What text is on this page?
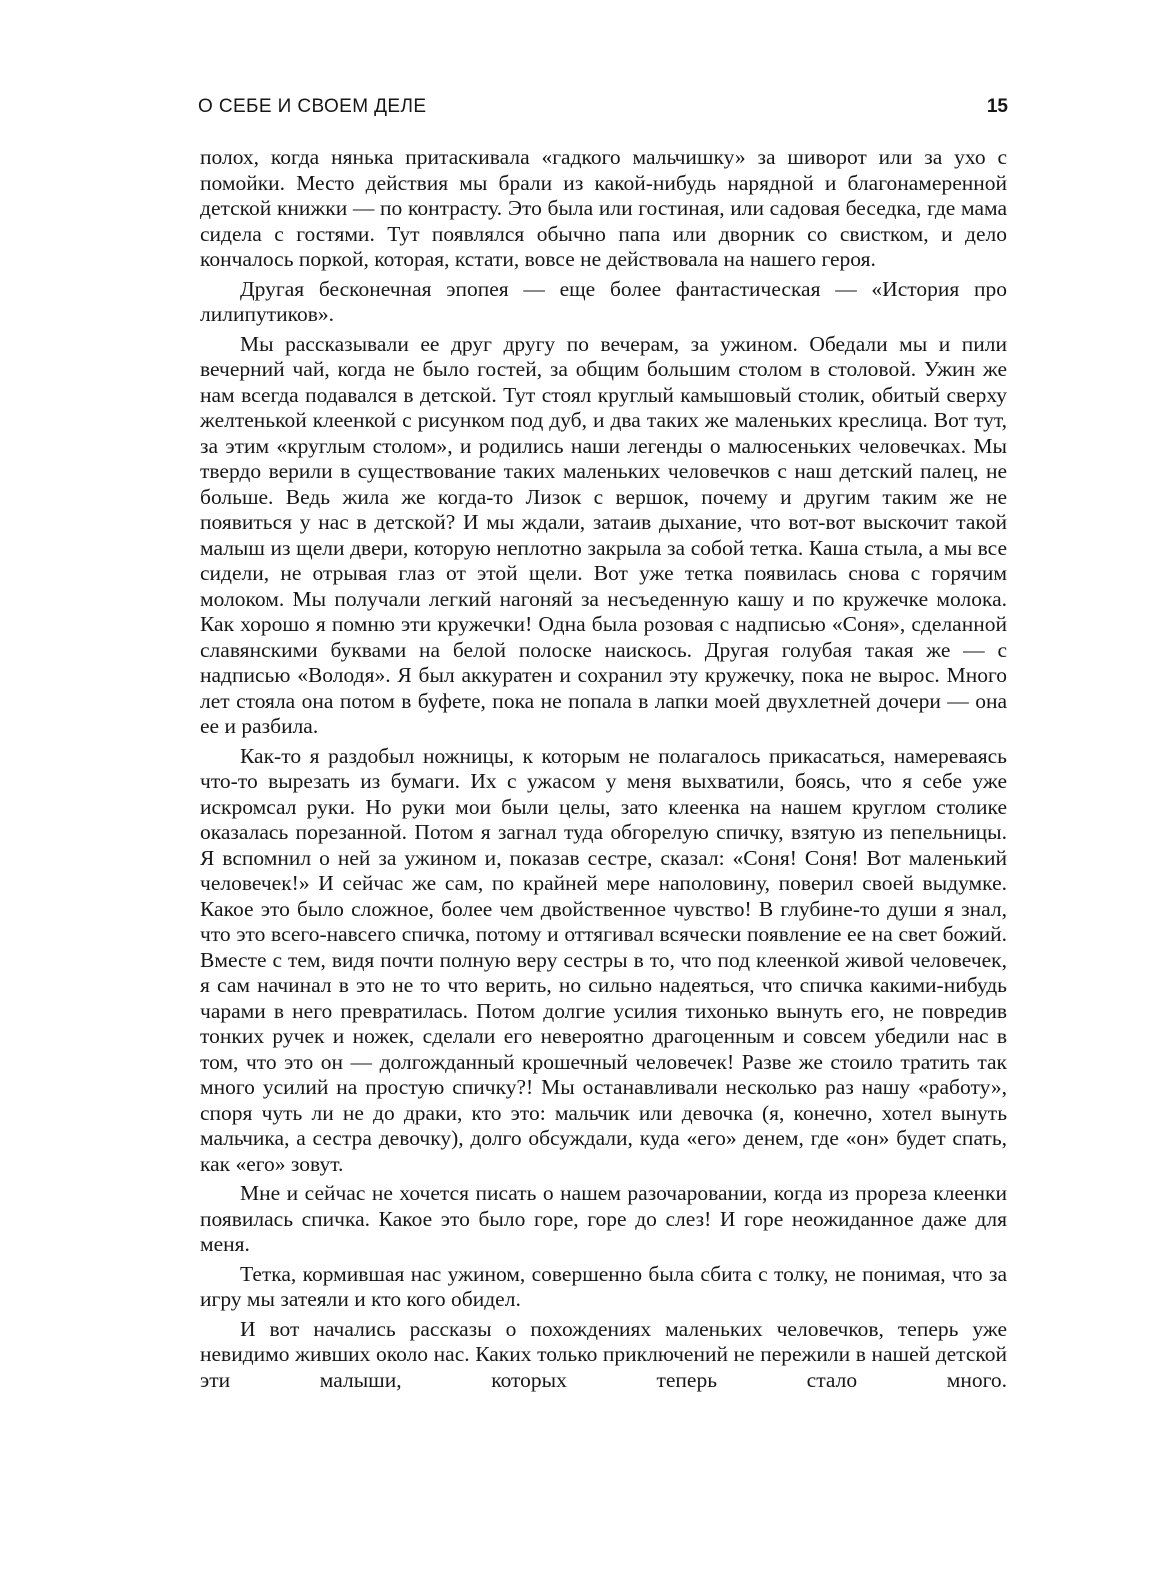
О СЕБЕ И СВОЕМ ДЕЛЕ	15

полох, когда нянька притаскивала «гадкого мальчишку» за шиворот или за ухо с помойки. Место действия мы брали из какой-нибудь нарядной и благонамеренной детской книжки — по контрасту. Это была или гостиная, или садовая беседка, где мама сидела с гостями. Тут появлялся обычно папа или дворник со свистком, и дело кончалось поркой, которая, кстати, вовсе не действовала на нашего героя.

Другая бесконечная эпопея — еще более фантастическая — «История про лилипутиков».

Мы рассказывали ее друг другу по вечерам, за ужином. Обедали мы и пили вечерний чай, когда не было гостей, за общим большим столом в столовой. Ужин же нам всегда подавался в детской. Тут стоял круглый камышовый столик, обитый сверху желтенькой клеенкой с рисунком под дуб, и два таких же маленьких креслица. Вот тут, за этим «круглым столом», и родились наши легенды о малюсеньких человечках. Мы твердо верили в существование таких маленьких человечков с наш детский палец, не больше. Ведь жила же когда-то Лизок с вершок, почему и другим таким же не появиться у нас в детской? И мы ждали, затаив дыхание, что вот-вот выскочит такой малыш из щели двери, которую неплотно закрыла за собой тетка. Каша стыла, а мы все сидели, не отрывая глаз от этой щели. Вот уже тетка появилась снова с горячим молоком. Мы получали легкий нагоняй за несъеденную кашу и по кружечке молока. Как хорошо я помню эти кружечки! Одна была розовая с надписью «Соня», сделанной славянскими буквами на белой полоске наискось. Другая голубая такая же — с надписью «Володя». Я был аккуратен и сохранил эту кружечку, пока не вырос. Много лет стояла она потом в буфете, пока не попала в лапки моей двухлетней дочери — она ее и разбила.

Как-то я раздобыл ножницы, к которым не полагалось прикасаться, намереваясь что-то вырезать из бумаги. Их с ужасом у меня выхватили, боясь, что я себе уже искромсал руки. Но руки мои были целы, зато клеенка на нашем круглом столике оказалась порезанной. Потом я загнал туда обгорелую спичку, взятую из пепельницы. Я вспомнил о ней за ужином и, показав сестре, сказал: «Соня! Соня! Вот маленький человечек!» И сейчас же сам, по крайней мере наполовину, поверил своей выдумке. Какое это было сложное, более чем двойственное чувство! В глубине-то души я знал, что это всего-навсего спичка, потому и оттягивал всячески появление ее на свет божий. Вместе с тем, видя почти полную веру сестры в то, что под клеенкой живой человечек, я сам начинал в это не то что верить, но сильно надеяться, что спичка какими-нибудь чарами в него превратилась. Потом долгие усилия тихонько вынуть его, не повредив тонких ручек и ножек, сделали его невероятно драгоценным и совсем убедили нас в том, что это он — долгожданный крошечный человечек! Разве же стоило тратить так много усилий на простую спичку?! Мы останавливали несколько раз нашу «работу», споря чуть ли не до драки, кто это: мальчик или девочка (я, конечно, хотел вынуть мальчика, а сестра девочку), долго обсуждали, куда «его» денем, где «он» будет спать, как «его» зовут.

Мне и сейчас не хочется писать о нашем разочаровании, когда из прореза клеенки появилась спичка. Какое это было горе, горе до слез! И горе неожиданное даже для меня.

Тетка, кормившая нас ужином, совершенно была сбита с толку, не понимая, что за игру мы затеяли и кто кого обидел.

И вот начались рассказы о похождениях маленьких человечков, теперь уже невидимо живших около нас. Каких только приключений не пережили в нашей детской эти малыши, которых теперь стало много.
